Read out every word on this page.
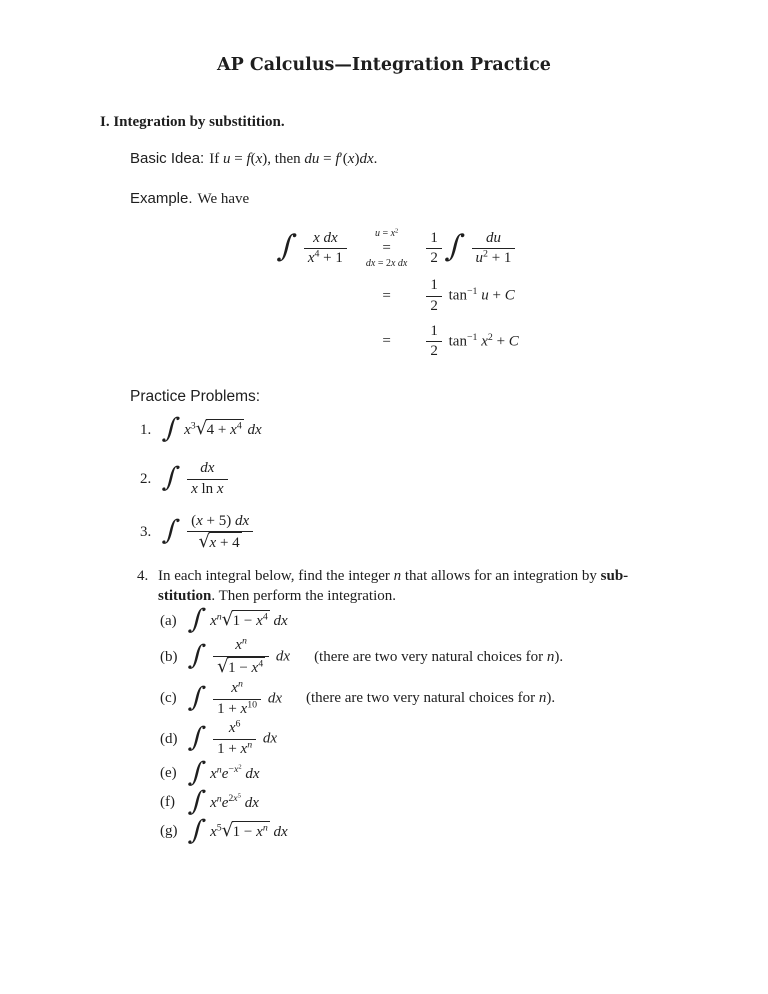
AP Calculus—Integration Practice
I. Integration by substitition.
Basic Idea: If u = f(x), then du = f′(x)dx.
Example. We have
∫ $\frac{\text{x dx}}{x^4 + 1}$	$u = x^2$
=
dx = 2x dx $\frac{1}{2}$ ∫ $\frac{du}{u^2 + 1}$
= $\frac{1}{2} \tan^{-1} u + C$
= $\frac{1}{2} \tan^{-1} x^2 + C$
Practice Problems:
1. ∫ $x^3√4 + x^4$ dx
2. ∫ $\frac{dx}{\text{x ln x}}$
3. ∫ $\frac{(x + 5) dx}{√x + 4}$
4. In each integral below, find the integer n that allows for an integration by sub-
stitution. Then perform the integration.
(a) ∫ $x^n√1 - x^4$ dx
(b) ∫ $\frac{x^n}{√1 - x^4}$ dx (there are two very natural choices for n).
(c) ∫ $\frac{x^n}{1 + x^{10}}$ dx (there are two very natural choices for n).
(d) ∫ $\frac{x^6}{1 + x^n}$ dx
(e) ∫ $x^ne^{-x^2}$ dx
(f) ∫ $x^ne^{2x^5}$ dx
(g) ∫ $x^5√1 - x^n$ dx
